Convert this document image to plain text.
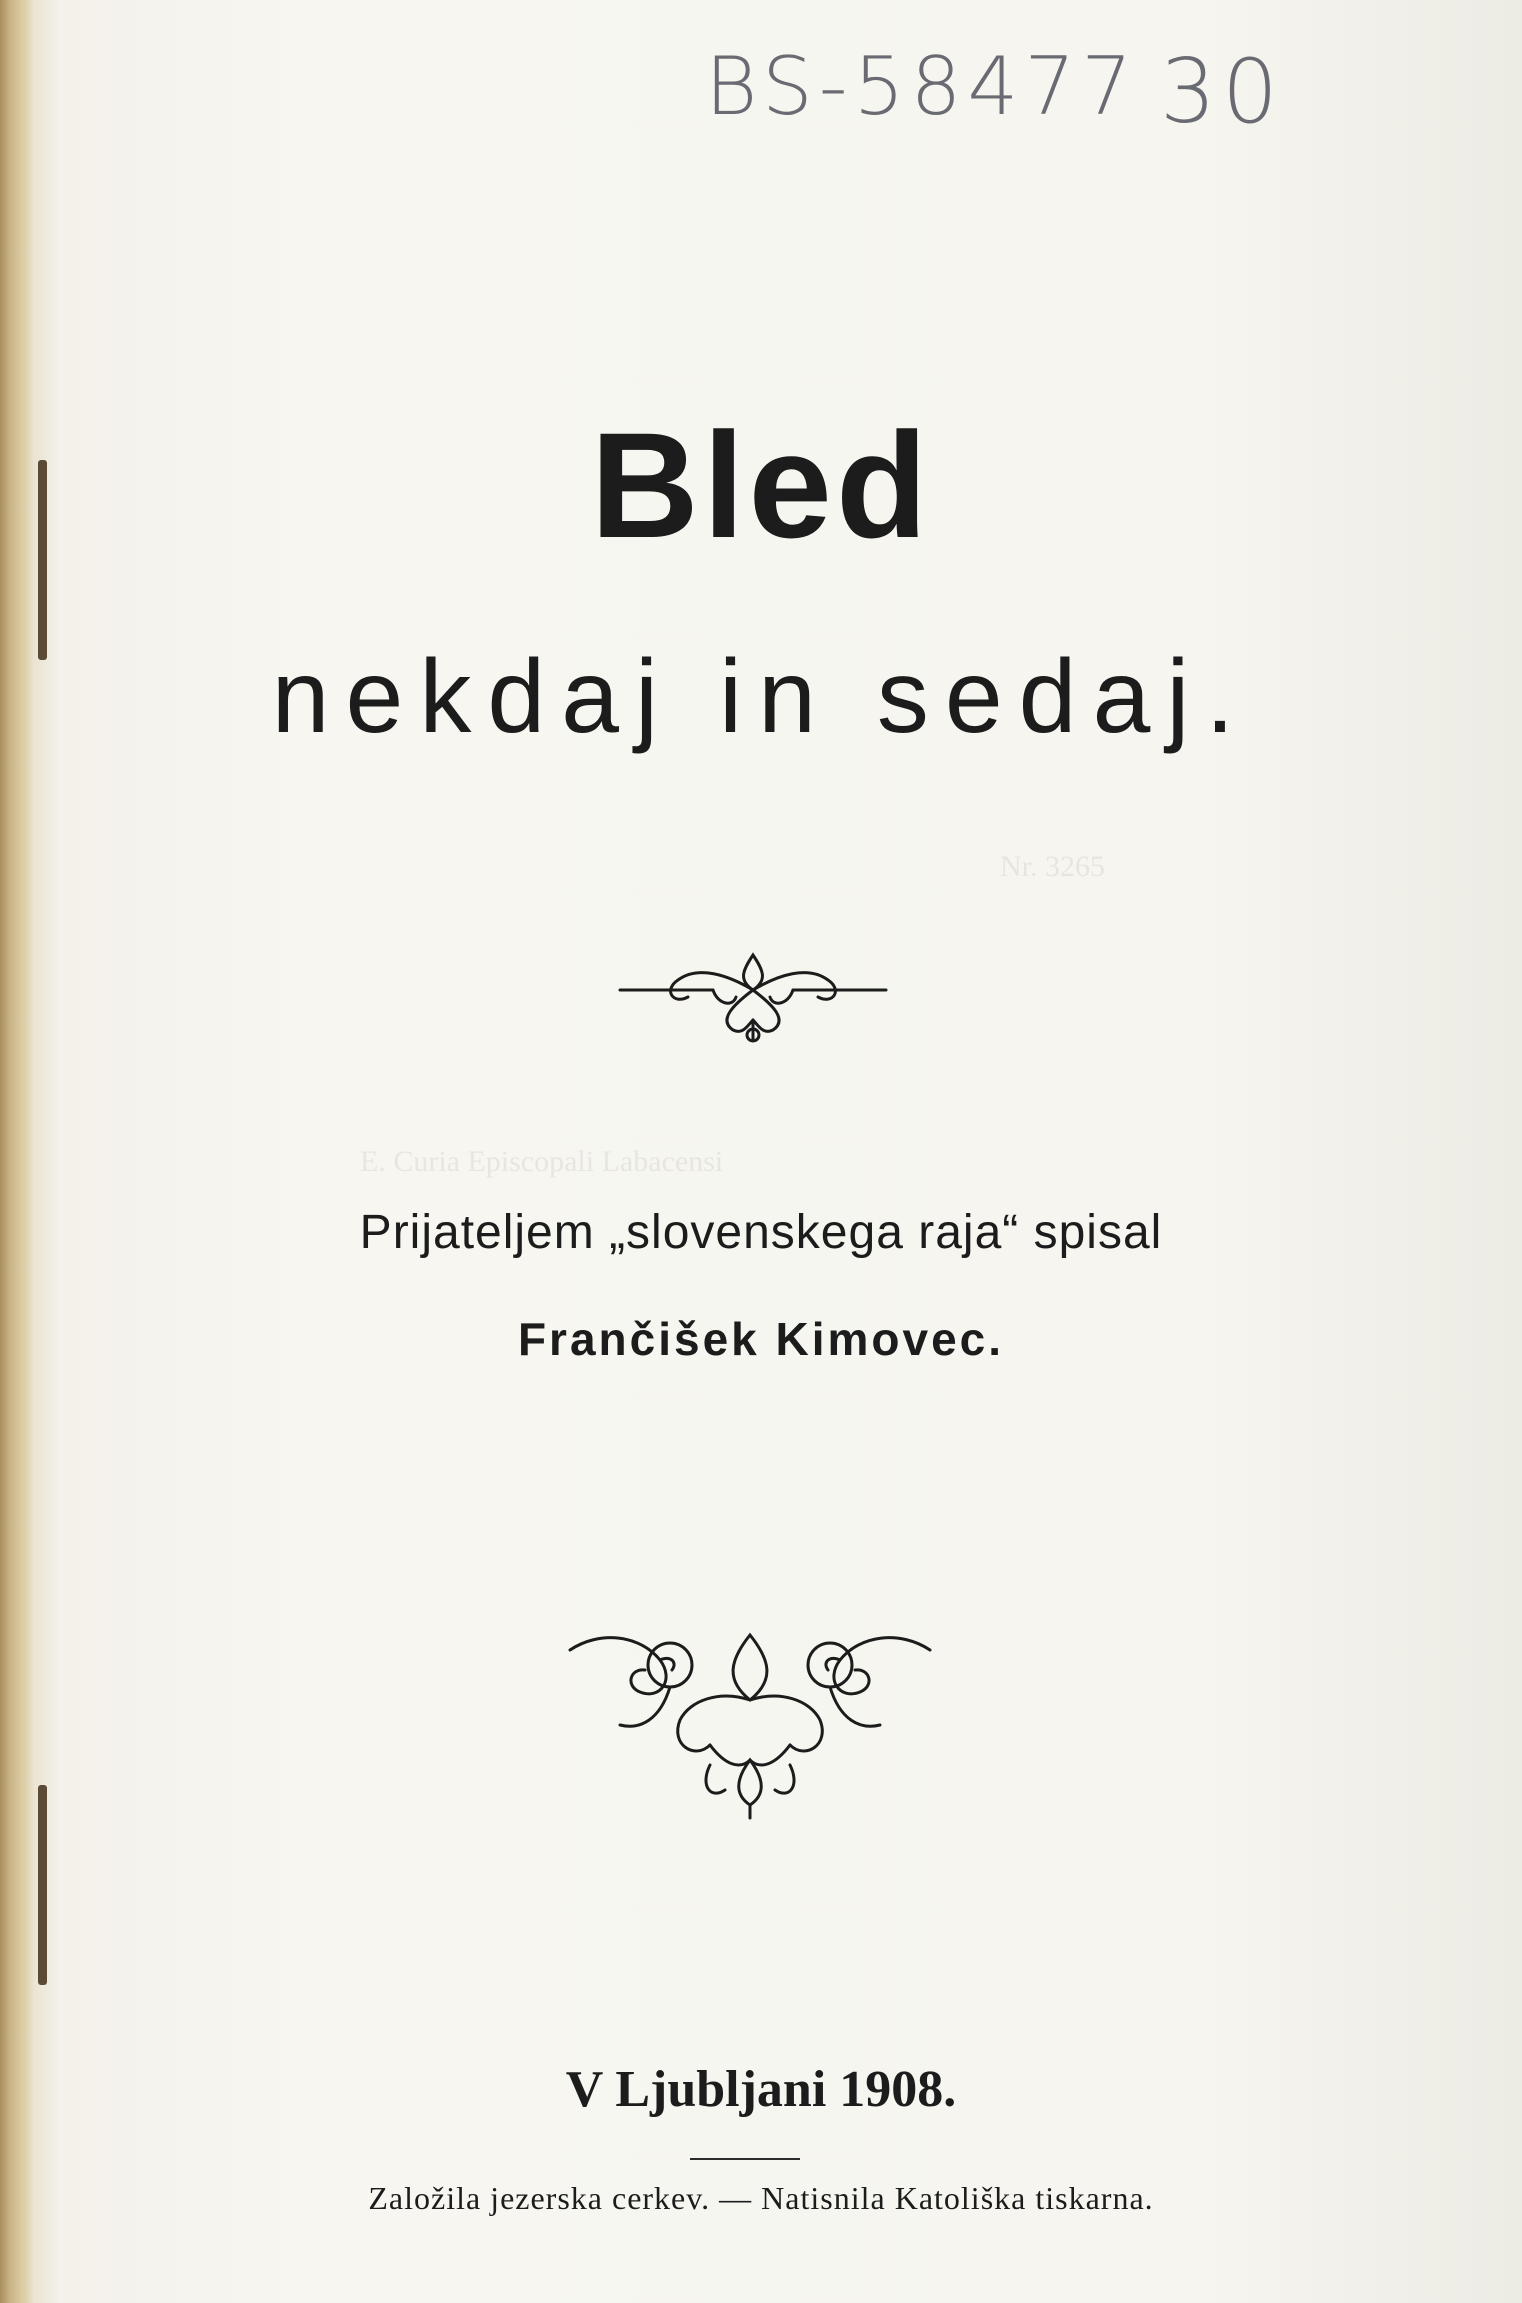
Nr. 3265
E. Curia Episcopali Labacensi
BS-58477 30
Bled
nekdaj in sedaj.
Prijateljem „slovenskega raja“ spisal
Frančišek Kimovec.
V Ljubljani 1908.
Založila jezerska cerkev. — Natisnila Katoliška tiskarna.
